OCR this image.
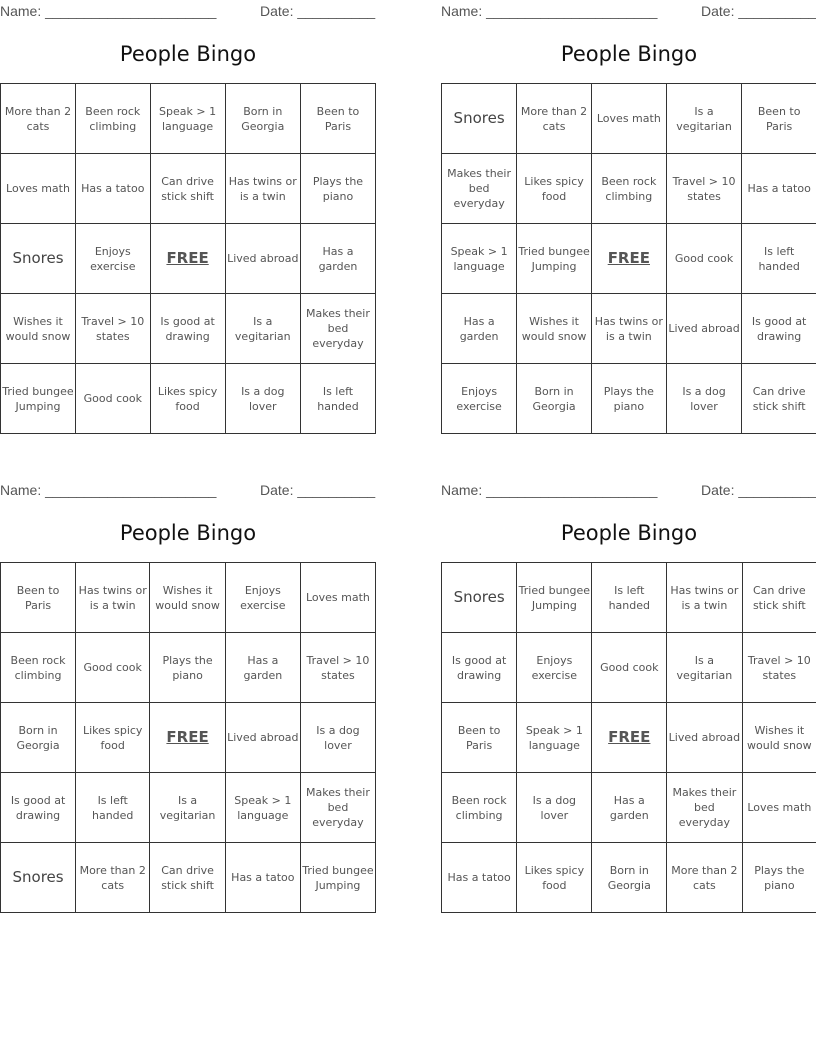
Name: ______________________	Date: __________
People Bingo
More than 2 cats	Been rock climbing	Speak > 1 language	Born in Georgia	Been to Paris
Loves math	Has a tatoo	Can drive stick shift	Has twins or is a twin	Plays the piano
Snores	Enjoys exercise	FREE	Lived abroad	Has a garden
Wishes it would snow	Travel > 10 states	Is good at drawing	Is a vegitarian	Makes their bed everyday
Tried bungee Jumping	Good cook	Likes spicy food	Is a dog lover	Is left handed
Name: ______________________	Date: __________
People Bingo
Snores	More than 2 cats	Loves math	Is a vegitarian	Been to Paris
Makes their bed everyday	Likes spicy food	Been rock climbing	Travel > 10 states	Has a tatoo
Speak > 1 language	Tried bungee Jumping	FREE	Good cook	Is left handed
Has a garden	Wishes it would snow	Has twins or is a twin	Lived abroad	Is good at drawing
Enjoys exercise	Born in Georgia	Plays the piano	Is a dog lover	Can drive stick shift
Name: ______________________	Date: __________
People Bingo
Been to Paris	Has twins or is a twin	Wishes it would snow	Enjoys exercise	Loves math
Been rock climbing	Good cook	Plays the piano	Has a garden	Travel > 10 states
Born in Georgia	Likes spicy food	FREE	Lived abroad	Is a dog lover
Is good at drawing	Is left handed	Is a vegitarian	Speak > 1 language	Makes their bed everyday
Snores	More than 2 cats	Can drive stick shift	Has a tatoo	Tried bungee Jumping
Name: ______________________	Date: __________
People Bingo
Snores	Tried bungee Jumping	Is left handed	Has twins or is a twin	Can drive stick shift
Is good at drawing	Enjoys exercise	Good cook	Is a vegitarian	Travel > 10 states
Been to Paris	Speak > 1 language	FREE	Lived abroad	Wishes it would snow
Been rock climbing	Is a dog lover	Has a garden	Makes their bed everyday	Loves math
Has a tatoo	Likes spicy food	Born in Georgia	More than 2 cats	Plays the piano
